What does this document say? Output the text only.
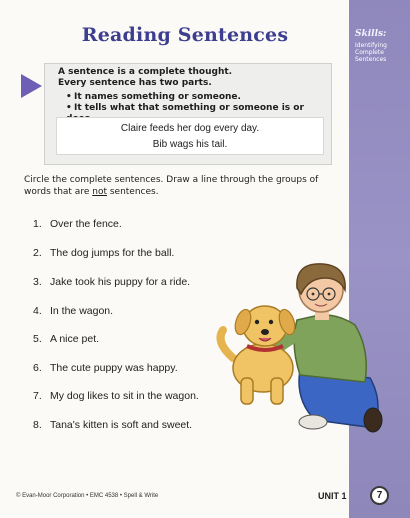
Skills:
Identifying Complete Sentences
Reading Sentences
A sentence is a complete thought.
Every sentence has two parts.
• It names something or someone.
• It tells what that something or someone is or
Claire feeds her dog every day.
Bib wags his tail.
Circle the complete sentences. Draw a line through the groups of words that are not sentences.
1. Over the fence.
2. The dog jumps for the ball.
3. Jake took his puppy for a ride.
4. In the wagon.
5. A nice pet.
6. The cute puppy was happy.
7. My dog likes to sit in the wagon.
8. Tana's kitten is soft and sweet.
© Evan-Moor Corporation • EMC 4538 • Spell & Write	UNIT 1	7
